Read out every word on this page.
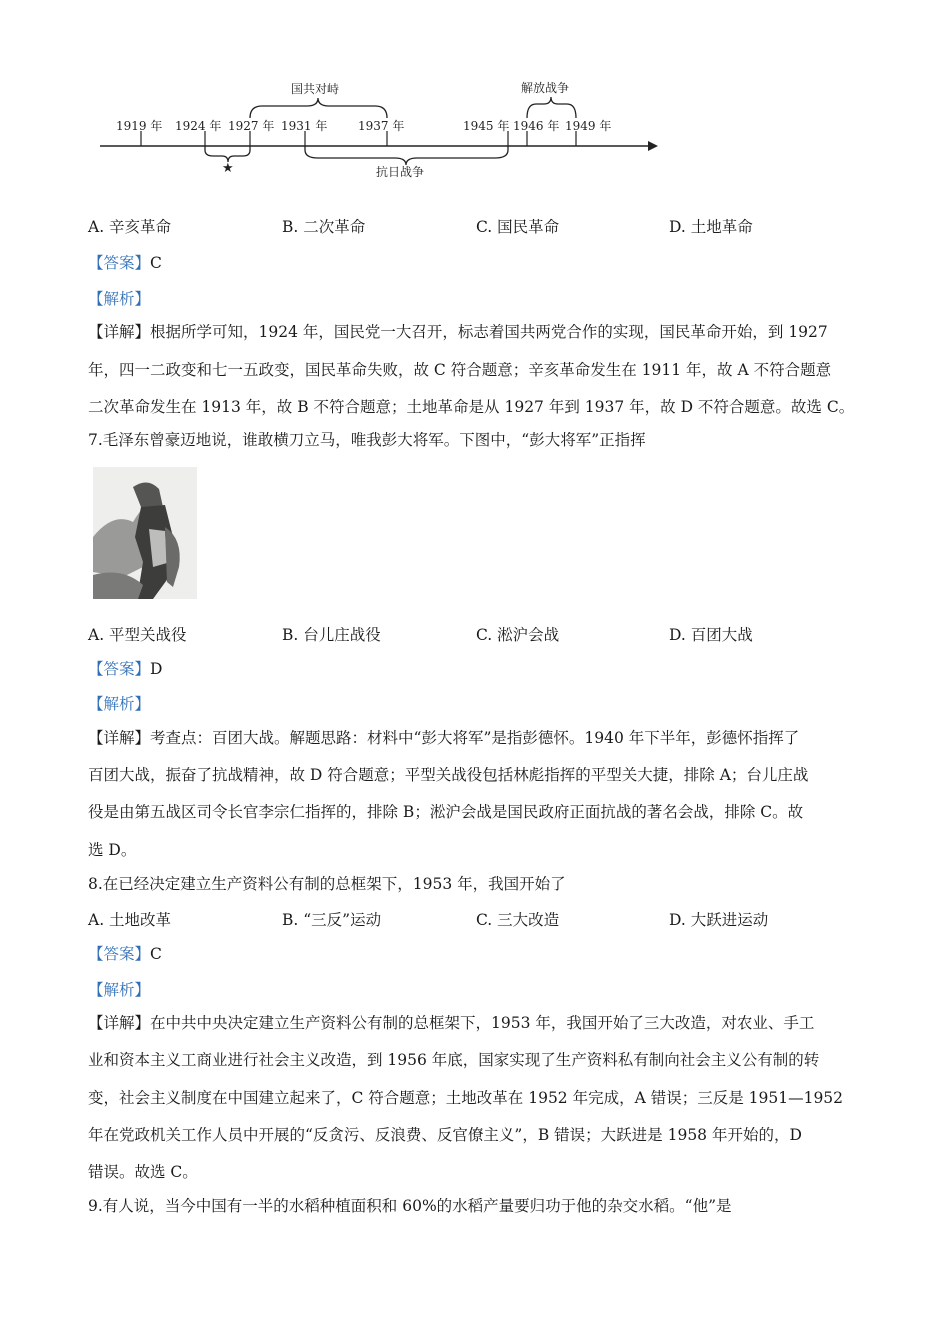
1919 年 1924 年 1927 年 1931 年	1937 年	1945 年 1946 年 1949 年
国共对峙	解放战争
抗日战争
★
A. 辛亥革命	B. 二次革命	C. 国民革命	D. 土地革命
【答案】C
【解析】
【详解】根据所学可知，1924 年，国民党一大召开，标志着国共两党合作的实现，国民革命开始，到 1927
年，四一二政变和七一五政变，国民革命失败，故 C 符合题意；辛亥革命发生在 1911 年，故 A 不符合题意
二次革命发生在 1913 年，故 B 不符合题意；土地革命是从 1927 年到 1937 年，故 D 不符合题意。故选 C。
7.毛泽东曾豪迈地说，谁敢横刀立马，唯我彭大将军。下图中，“彭大将军”正指挥
A. 平型关战役	B. 台儿庄战役	C. 淞沪会战	D. 百团大战
【答案】D
【解析】
【详解】考查点：百团大战。解题思路：材料中“彭大将军”是指彭德怀。1940 年下半年，彭德怀指挥了
百团大战，振奋了抗战精神，故 D 符合题意；平型关战役包括林彪指挥的平型关大捷，排除 A；台儿庄战
役是由第五战区司令长官李宗仁指挥的，排除 B；淞沪会战是国民政府正面抗战的著名会战，排除 C。故
选 D。
8.在已经决定建立生产资料公有制的总框架下，1953 年，我国开始了
A. 土地改革	B. “三反”运动	C. 三大改造	D. 大跃进运动
【答案】C
【解析】
【详解】在中共中央决定建立生产资料公有制的总框架下，1953 年，我国开始了三大改造，对农业、手工
业和资本主义工商业进行社会主义改造，到 1956 年底，国家实现了生产资料私有制向社会主义公有制的转
变，社会主义制度在中国建立起来了，C 符合题意；土地改革在 1952 年完成，A 错误；三反是 1951—1952
年在党政机关工作人员中开展的“反贪污、反浪费、反官僚主义”，B 错误；大跃进是 1958 年开始的，D
错误。故选 C。
9.有人说，当今中国有一半的水稻种植面积和 60%的水稻产量要归功于他的杂交水稻。“他”是
